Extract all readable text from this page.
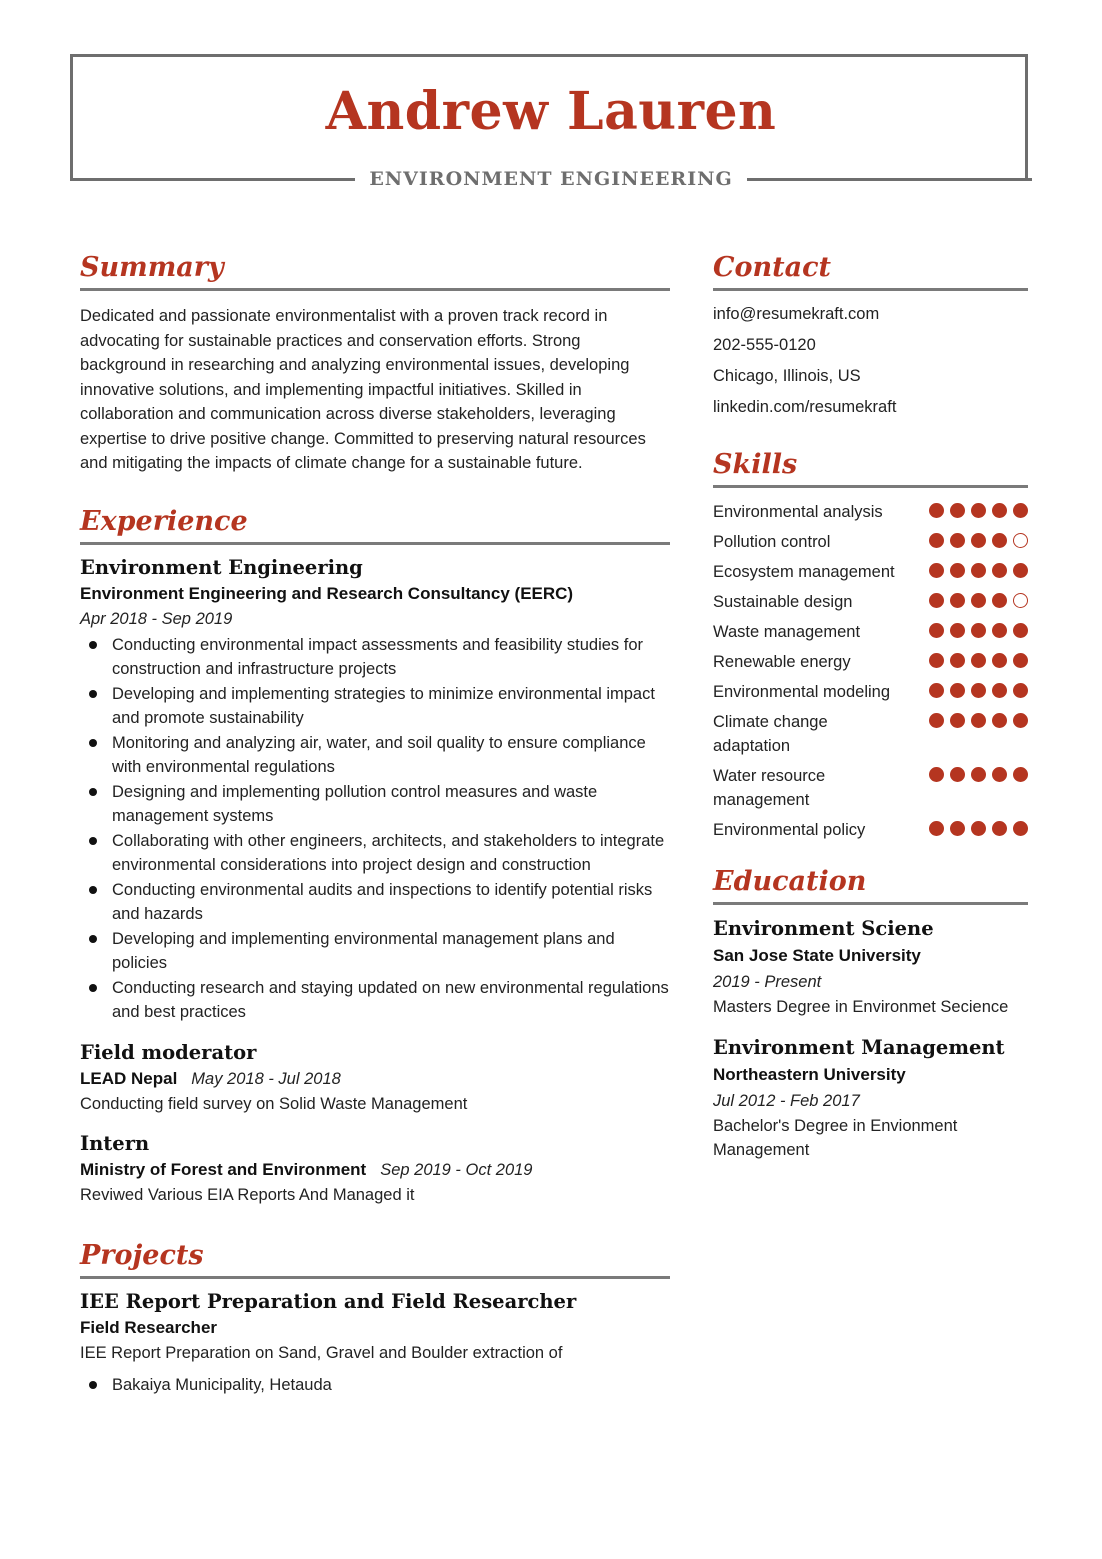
Andrew Lauren
ENVIRONMENT ENGINEERING
Summary

Dedicated and passionate environmentalist with a proven track record in advocating for sustainable practices and conservation efforts. Strong background in researching and analyzing environmental issues, developing innovative solutions, and implementing impactful initiatives. Skilled in collaboration and communication across diverse stakeholders, leveraging expertise to drive positive change. Committed to preserving natural resources and mitigating the impacts of climate change for a sustainable future.

Experience
Environment Engineering
Environment Engineering and Research Consultancy (EERC)
Apr 2018 - Sep 2019
Conducting environmental impact assessments and feasibility studies for construction and infrastructure projects
Developing and implementing strategies to minimize environmental impact and promote sustainability
Monitoring and analyzing air, water, and soil quality to ensure compliance with environmental regulations
Designing and implementing pollution control measures and waste management systems
Collaborating with other engineers, architects, and stakeholders to integrate environmental considerations into project design and construction
Conducting environmental audits and inspections to identify potential risks and hazards
Developing and implementing environmental management plans and policies
Conducting research and staying updated on new environmental regulations and best practices
Field moderator
LEAD Nepal May 2018 - Jul 2018

Conducting field survey on Solid Waste Management

Intern
Ministry of Forest and Environment Sep 2019 - Oct 2019

Reviwed Various EIA Reports And Managed it

Projects
IEE Report Preparation and Field Researcher
Field Researcher

IEE Report Preparation on Sand, Gravel and Boulder extraction of

Bakaiya Municipality, Hetauda
Contact

info@resumekraft.com

202-555-0120

Chicago, Illinois, US

linkedin.com/resumekraft

Skills
Environmental analysis
Pollution control
Ecosystem management
Sustainable design
Waste management
Renewable energy
Environmental modeling
Climate change adaptation
Water resource management
Environmental policy
Education
Environment Sciene
San Jose State University
2019 - Present

Masters Degree in Environmet Secience

Environment Management
Northeastern University
Jul 2012 - Feb 2017

Bachelor's Degree in Envionment Management
